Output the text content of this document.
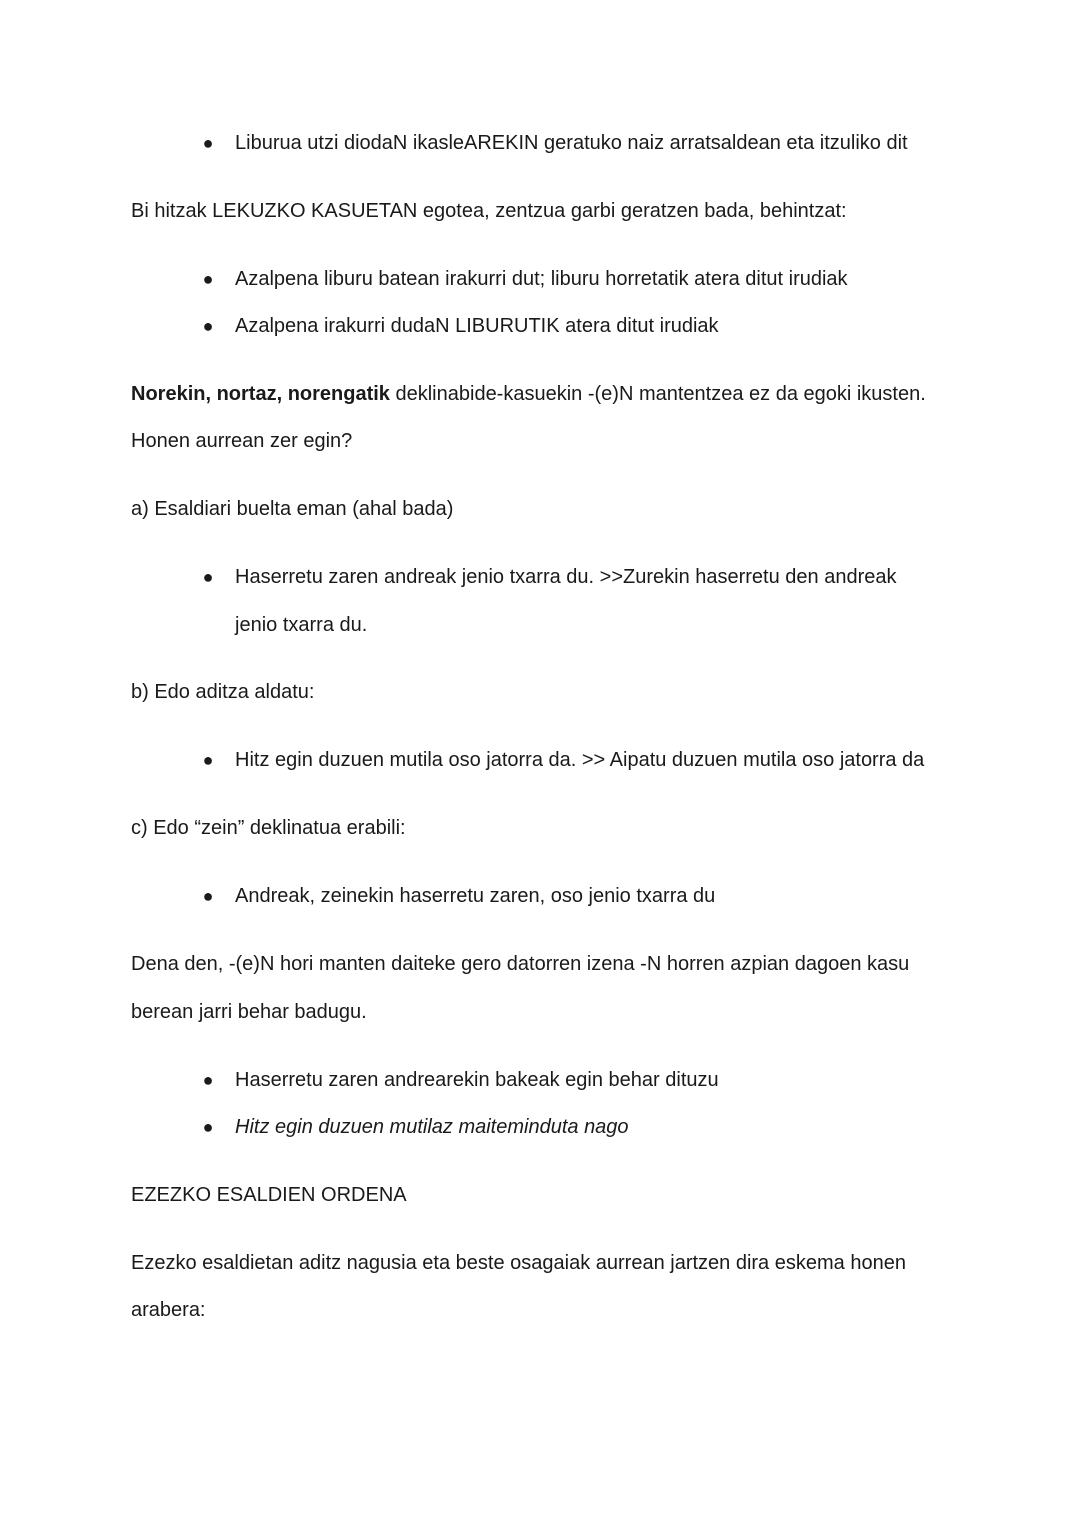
● Liburua utzi diodaN ikasleAREKIN geratuko naiz arratsaldean eta itzuliko dit
Bi hitzak LEKUZKO KASUETAN egotea, zentzua garbi geratzen bada, behintzat:
● Azalpena liburu batean irakurri dut; liburu horretatik atera ditut irudiak
● Azalpena irakurri dudaN LIBURUTIK atera ditut irudiak
Norekin, nortaz, norengatik deklinabide-kasuekin -(e)N mantentzea ez da egoki ikusten.
Honen aurrean zer egin?
a) Esaldiari buelta eman (ahal bada)
● Haserretu zaren andreak jenio txarra du. >>Zurekin haserretu den andreak
jenio txarra du.
b) Edo aditza aldatu:
● Hitz egin duzuen mutila oso jatorra da. >> Aipatu duzuen mutila oso jatorra da
c) Edo “zein” deklinatua erabili:
● Andreak, zeinekin haserretu zaren, oso jenio txarra du
Dena den, -(e)N hori manten daiteke gero datorren izena -N horren azpian dagoen kasu
berean jarri behar badugu.
● Haserretu zaren andrearekin bakeak egin behar dituzu
● Hitz egin duzuen mutilaz maiteminduta nago
EZEZKO ESALDIEN ORDENA
Ezezko esaldietan aditz nagusia eta beste osagaiak aurrean jartzen dira eskema honen
arabera:
